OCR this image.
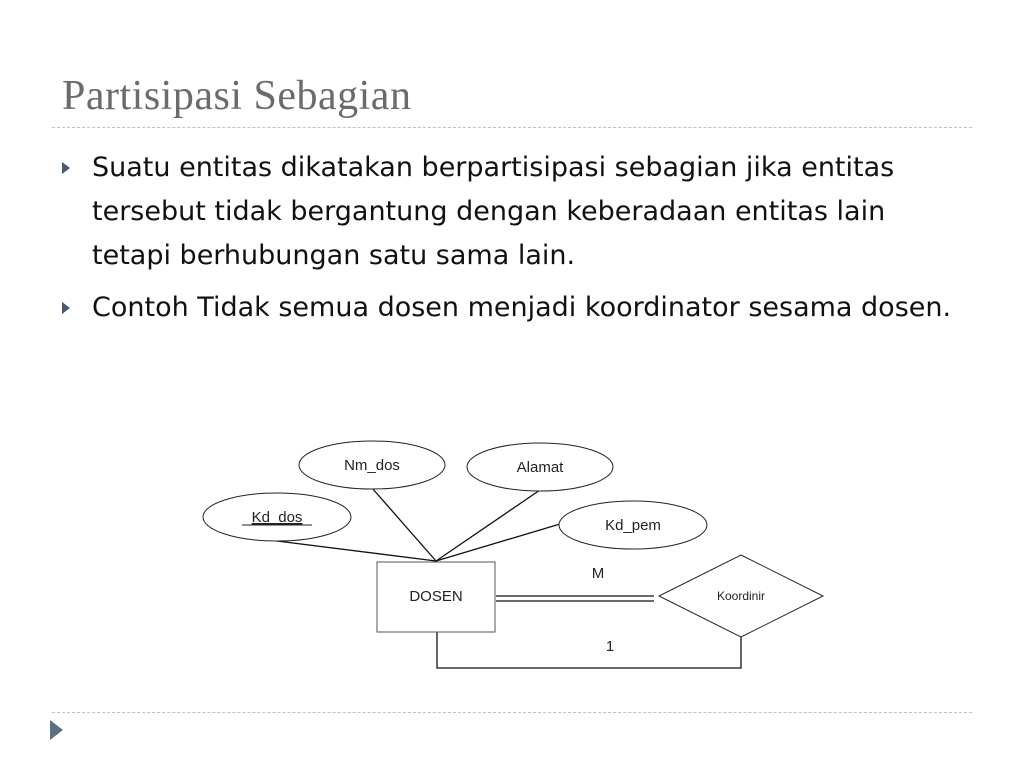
Partisipasi Sebagian
Suatu entitas dikatakan berpartisipasi sebagian jika entitas tersebut tidak bergantung dengan keberadaan entitas lain tetapi berhubungan satu sama lain.
Contoh Tidak semua dosen menjadi koordinator sesama dosen.
Nm_dos	Alamat
Kd_dos	Kd_pem
DOSEN	Koordinir
M
1
